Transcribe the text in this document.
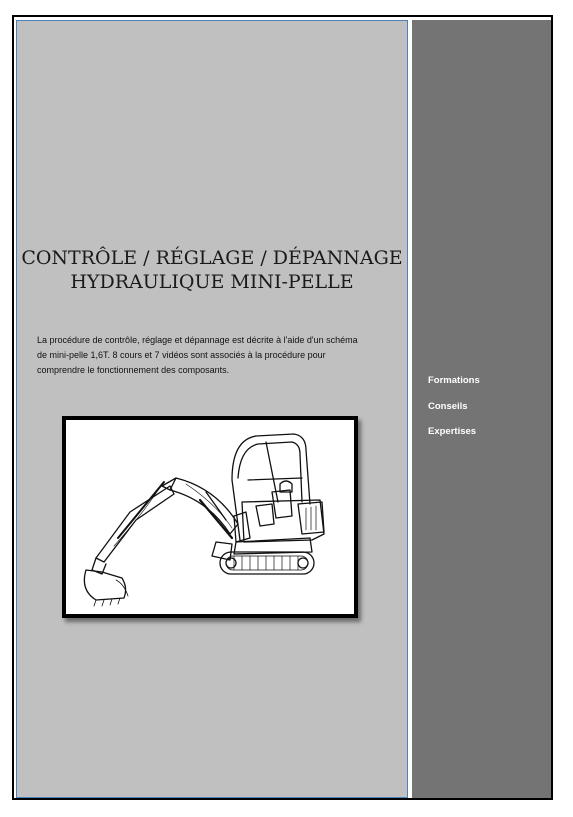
CONTRÔLE / RÉGLAGE / DÉPANNAGE
HYDRAULIQUE MINI-PELLE
La procédure de contrôle, réglage et dépannage est décrite à l'aide d'un schéma
de mini-pelle 1,6T. 8 cours et 7 vidéos sont associés à la procédure pour
comprendre le fonctionnement des composants.
Formations
Conseils
Expertises
